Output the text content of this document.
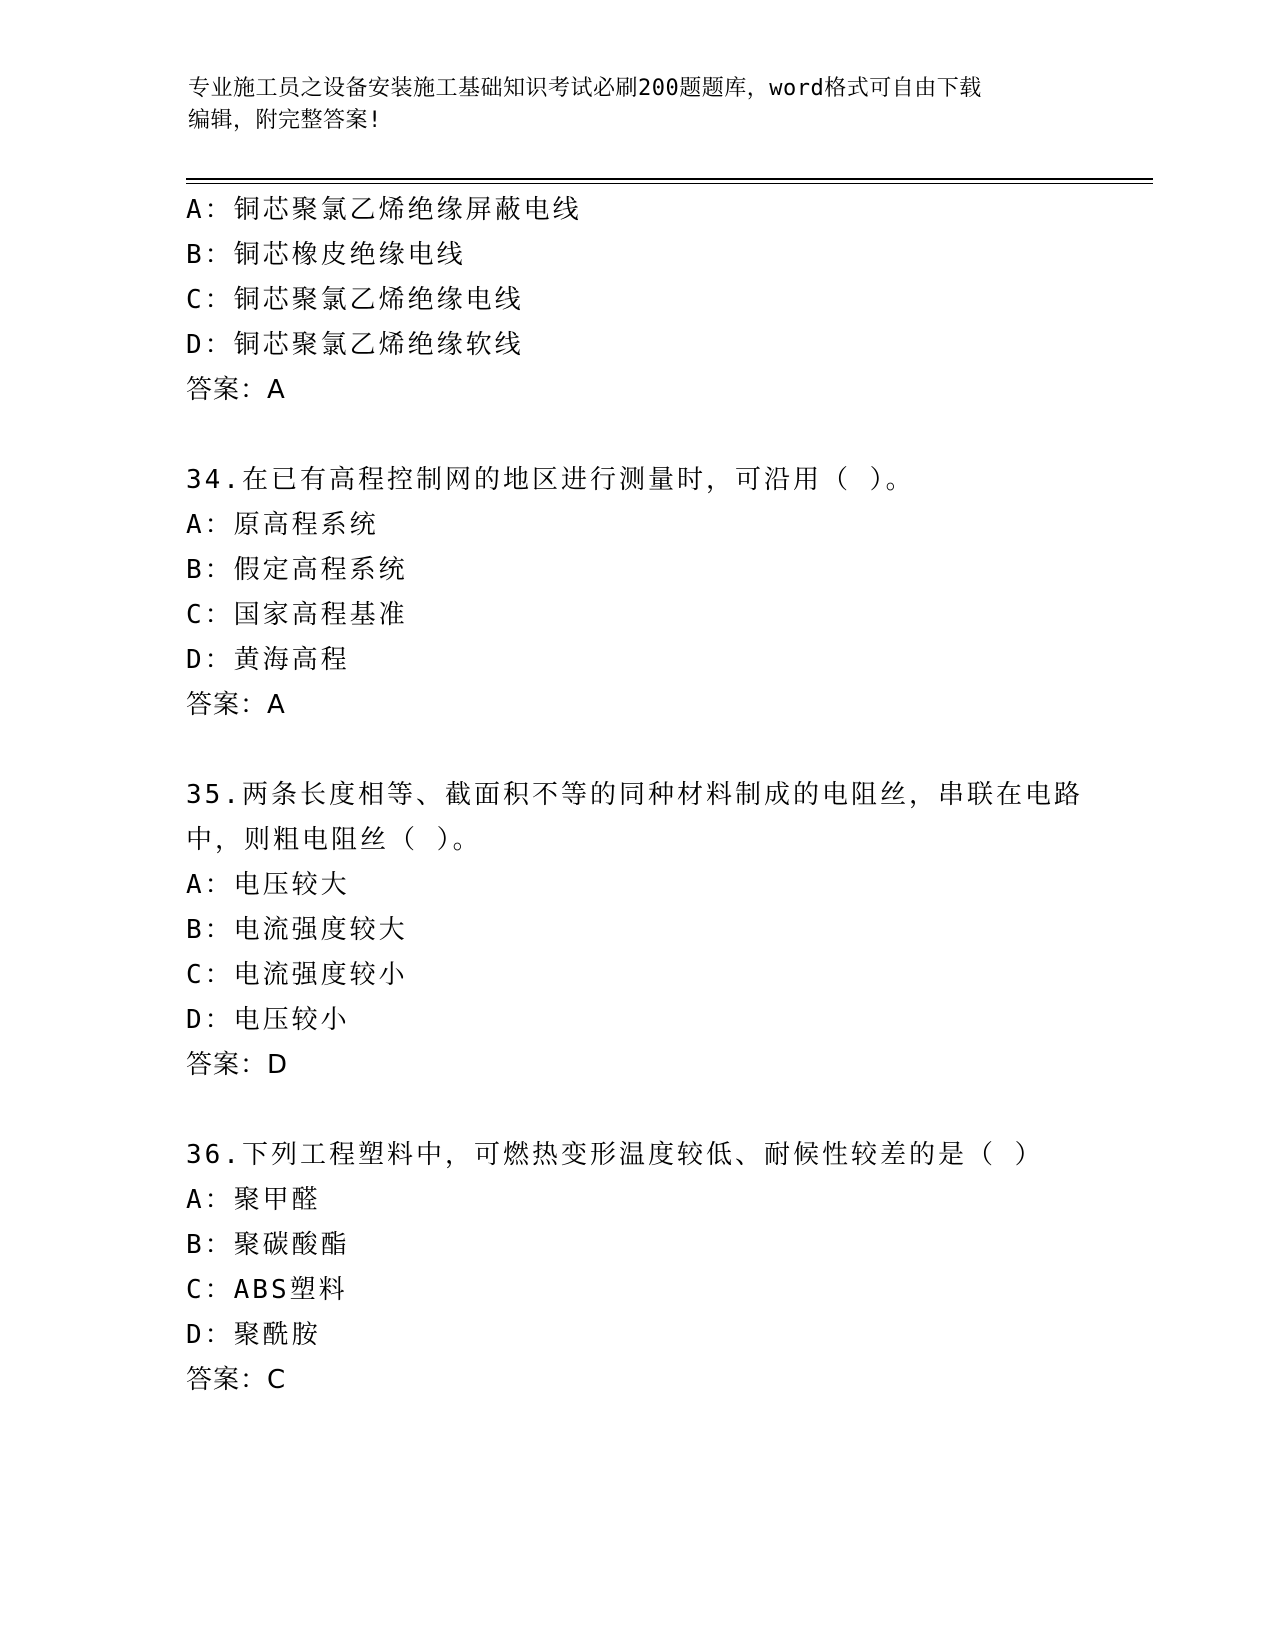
专业施工员之设备安装施工基础知识考试必刷200题题库，word格式可自由下载
编辑，附完整答案!
A：铜芯聚氯乙烯绝缘屏蔽电线
B：铜芯橡皮绝缘电线
C：铜芯聚氯乙烯绝缘电线
D：铜芯聚氯乙烯绝缘软线
答案：A
34.在已有高程控制网的地区进行测量时，可沿用（ ）。
A：原高程系统
B：假定高程系统
C：国家高程基准
D：黄海高程
答案：A
35.两条长度相等、截面积不等的同种材料制成的电阻丝，串联在电路
中，则粗电阻丝（ ）。
A：电压较大
B：电流强度较大
C：电流强度较小
D：电压较小
答案：D
36.下列工程塑料中，可燃热变形温度较低、耐候性较差的是（ ）
A：聚甲醛
B：聚碳酸酯
C：ABS塑料
D：聚酰胺
答案：C
